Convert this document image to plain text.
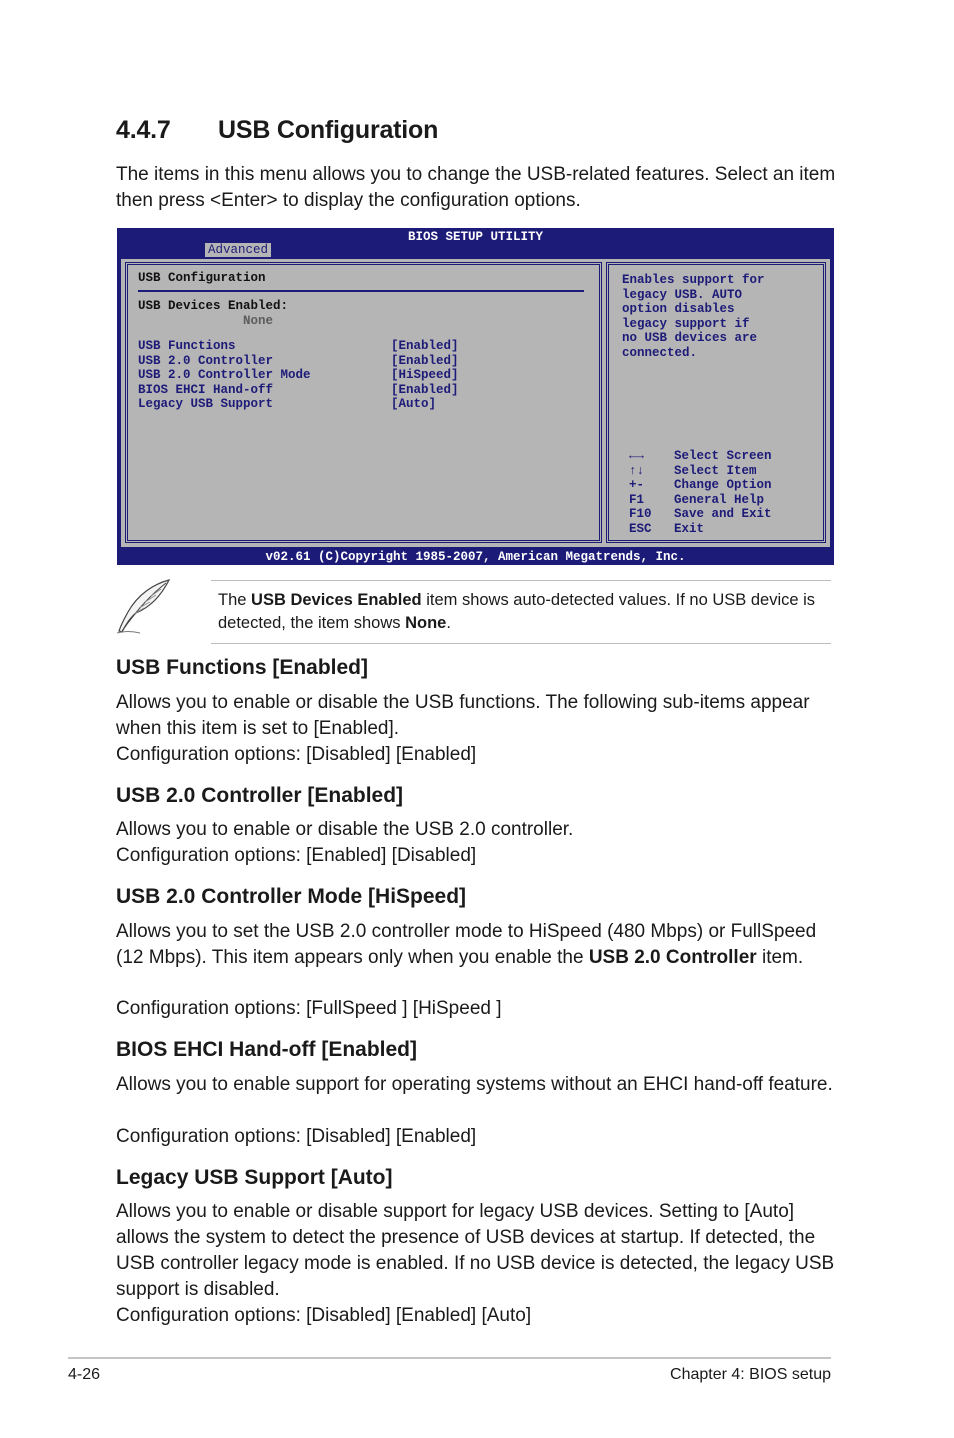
4.4.7 USB Configuration
The items in this menu allows you to change the USB-related features. Select an item then press <Enter> to display the configuration options.
BIOS SETUP UTILITY
Advanced
USB Configuration
USB Devices Enabled:
None
USB Functions	[Enabled]
USB 2.0 Controller	[Enabled]
USB 2.0 Controller Mode	[HiSpeed]
BIOS EHCI Hand-off	[Enabled]
Legacy USB Support	[Auto]
Enables support for
legacy USB. AUTO
option disables
legacy support if
no USB devices are
connected.
←→ Select Screen
↑↓ Select Item
+- Change Option
F1 General Help
F10 Save and Exit
ESC Exit
v02.61 (C)Copyright 1985-2007, American Megatrends, Inc.
The USB Devices Enabled item shows auto-detected values. If no USB device is detected, the item shows None.
USB Functions [Enabled]
Allows you to enable or disable the USB functions. The following sub-items appear when this item is set to [Enabled].
Configuration options: [Disabled] [Enabled]
USB 2.0 Controller [Enabled]
Allows you to enable or disable the USB 2.0 controller.
Configuration options: [Enabled] [Disabled]
USB 2.0 Controller Mode [HiSpeed]
Allows you to set the USB 2.0 controller mode to HiSpeed (480 Mbps) or FullSpeed (12 Mbps). This item appears only when you enable the USB 2.0 Controller item.
Configuration options: [FullSpeed ] [HiSpeed ]
BIOS EHCI Hand-off [Enabled]
Allows you to enable support for operating systems without an EHCI hand-off feature.
Configuration options: [Disabled] [Enabled]
Legacy USB Support [Auto]
Allows you to enable or disable support for legacy USB devices. Setting to [Auto] allows the system to detect the presence of USB devices at startup. If detected, the USB controller legacy mode is enabled. If no USB device is detected, the legacy USB support is disabled.
Configuration options: [Disabled] [Enabled] [Auto]
4-26	Chapter 4: BIOS setup
